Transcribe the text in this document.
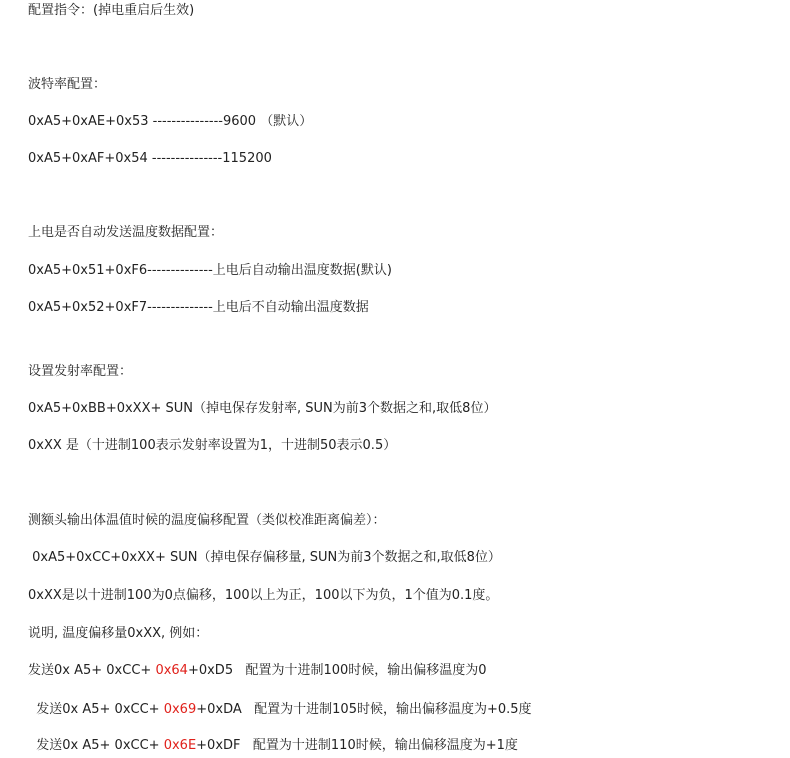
配置指令：(掉电重启后生效)
波特率配置：
0xA5+0xAE+0x53 ---------------9600 （默认）
0xA5+0xAF+0x54 ---------------115200
上电是否自动发送温度数据配置：
0xA5+0x51+0xF6--------------上电后自动输出温度数据(默认)
0xA5+0x52+0xF7--------------上电后不自动输出温度数据
设置发射率配置：
0xA5+0xBB+0xXX+ SUN（掉电保存发射率, SUN为前3个数据之和,取低8位）
0xXX 是（十进制100表示发射率设置为1，十进制50表示0.5）
测额头输出体温值时候的温度偏移配置（类似校准距离偏差）：
0xA5+0xCC+0xXX+ SUN（掉电保存偏移量, SUN为前3个数据之和,取低8位）
0xXX是以十进制100为0点偏移，100以上为正，100以下为负，1个值为0.1度。
说明, 温度偏移量0xXX, 例如：
发送0x A5+ 0xCC+ 0x64+0xD5   配置为十进制100时候，输出偏移温度为0
发送0x A5+ 0xCC+ 0x69+0xDA   配置为十进制105时候，输出偏移温度为+0.5度
发送0x A5+ 0xCC+ 0x6E+0xDF   配置为十进制110时候，输出偏移温度为+1度
